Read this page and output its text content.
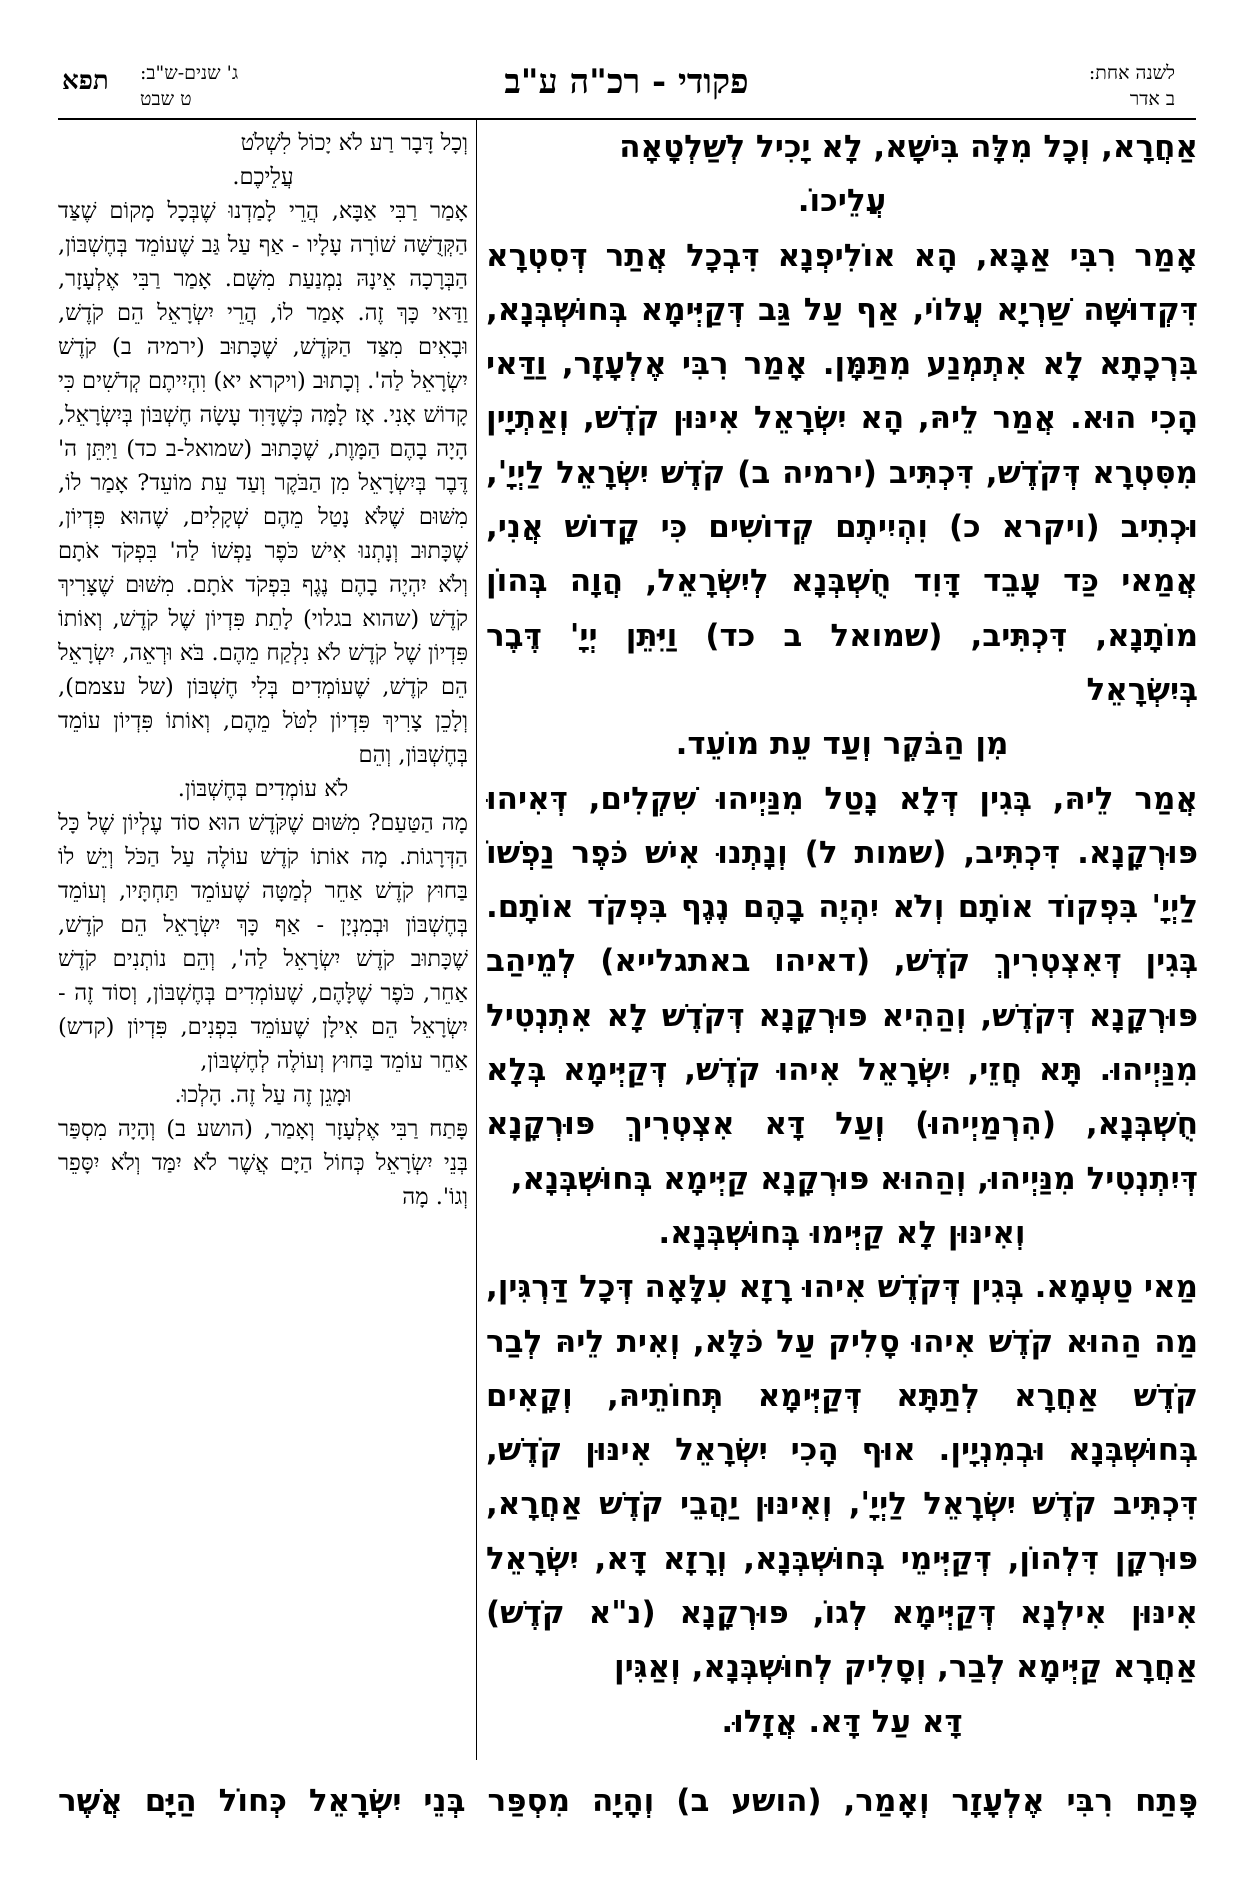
לשנה אחת:
ב אדר
פקודי - רכ"ה ע"ב
ג' שנים-ש"ב:
ט שבט
תפא

אַחֲרָא, וְכָל מִלָּה בִּישָׁא, לָא יָכִיל לְשַׁלְטָאָה

עֲלֵיכוֹ.

אָמַר רִבִּי אַבָּא, הָא אוֹלִיפְנָא דִּבְכָל אֲתַר דְּסִטְרָא דִּקְדוּשָּׁה שַׁרְיָא עֲלוֹי, אַף עַל גַּב דְּקַיְּימָא בְּחוּשְׁבְּנָא, בִּרְכָתָא לָא אִתְמְנַע מִתַּמָּן. אָמַר רִבִּי אֶלְעָזָר, וַדַּאי הָכִי הוּא. אֲמַר לֵיהּ, הָא יִשְׂרָאֵל אִינּוּן קֹדֶשׁ, וְאַתְיָין מִסִּטְרָא דְּקֹדֶשׁ, דִּכְתִּיב (ירמיה ב) קֹדֶשׁ יִשְׂרָאֵל לַיְיָ', וּכְתִיב (ויקרא כ) וִהְיִיתֶם קְדוֹשִׁים כִּי קָדוֹשׁ אֲנִי, אֲמַאי כַּד עָבֵד דָּוִד חֻשְׁבְּנָא לְיִשְׂרָאֵל, הֲוָה בְּהוֹן מוֹתָנָא, דִּכְתִּיב, (שמואל ב כד) וַיִּתֵּן יְיָ' דֶּבֶר בְּיִשְׂרָאֵל

מִן הַבֹּקֶר וְעַד עֵת מוֹעֵד.

אֲמַר לֵיהּ, בְּגִין דְּלָא נָטַל מִנַּיְיהוּ שִׁקְלִים, דְּאִיהוּ פּוּרְקָנָא. דִּכְתִּיב, (שמות ל) וְנָתְנוּ אִישׁ כֹּפֶר נַפְשׁוֹ לַיְיָ' בִּפְקוֹד אוֹתָם וְלֹא יִהְיֶה בָהֶם נֶגֶף בִּפְקֹד אוֹתָם. בְּגִין דְּאִצְטְרִיךְ קֹדֶשׁ, (דאיהו באתגלייא) לְמֵיהַב פּוּרְקָנָא דְּקֹדֶשׁ, וְהַהִיא פּוּרְקָנָא דְּקֹדֶשׁ לָא אִתְנְטִיל מִנַּיְיהוּ. תָּא חֲזֵי, יִשְׂרָאֵל אִיהוּ קֹדֶשׁ, דְּקַיְּימָא בְּלָא חֻשְׁבְּנָא, (הִרְמַיְיהוּ) וְעַל דָּא אִצְטְרִיךְ פּוּרְקָנָא דְּיִתְנְטִיל מִנַּיְיהוּ, וְהַהוּא פּוּרְקָנָא קַיְּימָא בְּחוּשְׁבְּנָא,

וְאִינּוּן לָא קַיְּימוּ בְּחוּשְׁבְּנָא.

מַאי טַעְמָא. בְּגִין דְּקֹדֶשׁ אִיהוּ רָזָא עִלָּאָה דְּכָל דַּרְגִּין, מַה הַהוּא קֹדֶשׁ אִיהוּ סָלִיק עַל כֹּלָּא, וְאִית לֵיהּ לְבַר קֹדֶשׁ אַחֲרָא לְתַתָּא דְּקַיְּימָא תְּחוֹתֵיהּ, וְקָאִים בְּחוּשְׁבְּנָא וּבְמִנְיָין. אוּף הָכִי יִשְׂרָאֵל אִינּוּן קֹדֶשׁ, דִּכְתִּיב קֹדֶשׁ יִשְׂרָאֵל לַיְיָ', וְאִינּוּן יַהֲבֵי קֹדֶשׁ אַחֲרָא, פּוּרְקָן דִּלְהוֹן, דְּקַיְּימֵי בְּחוּשְׁבְּנָא, וְרָזָא דָּא, יִשְׂרָאֵל אִינּוּן אִילְנָא דְּקַיְּימָא לְגוֹ, פּוּרְקָנָא (נ"א קֹדֶשׁ) אַחֲרָא קַיְּימָא לְבַר, וְסָלִיק לְחוּשְׁבְּנָא, וְאַגִּין

דָּא עַל דָּא. אֲזָלוּ.

וְכָל דָּבָר רַע לֹא יָכוֹל לִשְׁלֹט

עֲלֵיכֶם.

אָמַר רַבִּי אַבָּא, הֲרֵי לָמַדְנוּ שֶׁבְּכָל מָקוֹם שֶׁצַּד הַקְּדֻשָּׁה שׁוֹרָה עָלָיו - אַף עַל גַּב שֶׁעוֹמֵד בְּחֶשְׁבּוֹן, הַבְּרָכָה אֵינָהּ נִמְנַעַת מִשָּׁם. אָמַר רַבִּי אֶלְעָזָר, וַדַּאי כָּךְ זֶה. אָמַר לוֹ, הֲרֵי יִשְׂרָאֵל הֵם קֹדֶשׁ, וּבָאִים מִצַּד הַקֹּדֶשׁ, שֶׁכָּתוּב (ירמיה ב) קֹדֶשׁ יִשְׂרָאֵל לַה'. וְכָתוּב (ויקרא יא) וִהְיִיתֶם קְדֹשִׁים כִּי קָדוֹשׁ אָנִי. אָז לָמָּה כְּשֶׁדָּוִד עָשָׂה חֶשְׁבּוֹן בְּיִשְׂרָאֵל, הָיָה בָהֶם הַמָּוֶת, שֶׁכָּתוּב (שמואל-ב כד) וַיִּתֵּן ה' דֶּבֶר בְּיִשְׂרָאֵל מִן הַבֹּקֶר וְעַד עֵת מוֹעֵד? אָמַר לוֹ, מִשּׁוּם שֶׁלֹּא נָטַל מֵהֶם שְׁקָלִים, שֶׁהוּא פִּדְיוֹן, שֶׁכָּתוּב וְנָתְנוּ אִישׁ כֹּפֶר נַפְשׁוֹ לַה' בִּפְקֹד אֹתָם וְלֹא יִהְיֶה בָהֶם נֶגֶף בִּפְקֹד אֹתָם. מִשּׁוּם שֶׁצָּרִיךְ קֹדֶשׁ (שהוא בגלוי) לָתֵת פִּדְיוֹן שֶׁל קֹדֶשׁ, וְאוֹתוֹ פִּדְיוֹן שֶׁל קֹדֶשׁ לֹא נִלְקַח מֵהֶם. בֹּא וּרְאֵה, יִשְׂרָאֵל הֵם קֹדֶשׁ, שֶׁעוֹמְדִים בְּלִי חֶשְׁבּוֹן (של עצמם), וְלָכֵן צָרִיךְ פִּדְיוֹן לִטֹּל מֵהֶם, וְאוֹתוֹ פִּדְיוֹן עוֹמֵד בְּחֶשְׁבּוֹן, וְהֵם

לֹא עוֹמְדִים בְּחֶשְׁבּוֹן.

מָה הַטַּעַם? מִשּׁוּם שֶׁקֹּדֶשׁ הוּא סוֹד עֶלְיוֹן שֶׁל כָּל הַדְּרָגוֹת. מָה אוֹתוֹ קֹדֶשׁ עוֹלֶה עַל הַכֹּל וְיֵשׁ לוֹ בַּחוּץ קֹדֶשׁ אַחֵר לְמַטָּה שֶׁעוֹמֵד תַּחְתָּיו, וְעוֹמֵד בְּחֶשְׁבּוֹן וּבְמִנְיָן - אַף כָּךְ יִשְׂרָאֵל הֵם קֹדֶשׁ, שֶׁכָּתוּב קֹדֶשׁ יִשְׂרָאֵל לַה', וְהֵם נוֹתְנִים קֹדֶשׁ אַחֵר, כֹּפֶר שֶׁלָּהֶם, שֶׁעוֹמְדִים בְּחֶשְׁבּוֹן, וְסוֹד זֶה - יִשְׂרָאֵל הֵם אִילָן שֶׁעוֹמֵד בִּפְנִים, פִּדְיוֹן (קדש) אַחֵר עוֹמֵד בַּחוּץ וְעוֹלֶה לְחֶשְׁבּוֹן,

וּמָגֵן זֶה עַל זֶה. הָלְכוּ.

פָּתַח רַבִּי אֶלְעָזָר וְאָמַר, (הושע ב) וְהָיָה מִסְפַּר בְּנֵי יִשְׂרָאֵל כְּחוֹל הַיָּם אֲשֶׁר לֹא יִמַּד וְלֹא יִסָּפֵר וְגוֹ'. מָה

פָּתַח רִבִּי אֶלְעָזָר וְאָמַר, (הושע ב) וְהָיָה מִסְפַּר בְּנֵי יִשְׂרָאֵל כְּחוֹל הַיָּם אֲשֶׁר
